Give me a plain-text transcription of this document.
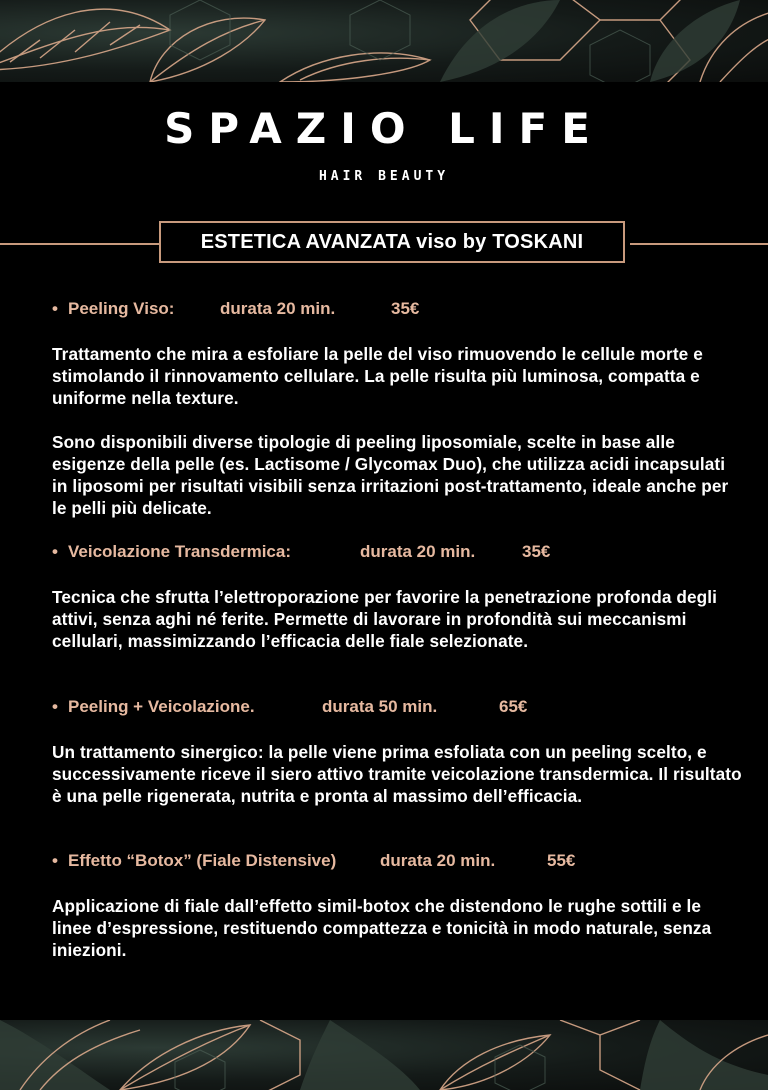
SPAZIO LIFE
HAIR BEAUTY
ESTETICA AVANZATA viso by TOSKANI
• Peeling Viso:	durata 20 min.	35€

Trattamento che mira a esfoliare la pelle del viso rimuovendo le cellule morte e stimolando il rinnovamento cellulare. La pelle risulta più luminosa, compatta e uniforme nella texture.

Sono disponibili diverse tipologie di peeling liposomiale, scelte in base alle esigenze della pelle (es. Lactisome / Glycomax Duo), che utilizza acidi incapsulati in liposomi per risultati visibili senza irritazioni post-trattamento, ideale anche per le pelli più delicate.

• Veicolazione Transdermica:	durata 20 min.	35€

Tecnica che sfrutta l’elettroporazione per favorire la penetrazione profonda degli attivi, senza aghi né ferite. Permette di lavorare in profondità sui meccanismi cellulari, massimizzando l’efficacia delle fiale selezionate.

• Peeling + Veicolazione.	durata 50 min.	65€

Un trattamento sinergico: la pelle viene prima esfoliata con un peeling scelto, e successivamente riceve il siero attivo tramite veicolazione transdermica. Il risultato è una pelle rigenerata, nutrita e pronta al massimo dell’efficacia.

• Effetto “Botox” (Fiale Distensive)	durata 20 min.	55€

Applicazione di fiale dall’effetto simil-botox che distendono le rughe sottili e le linee d’espressione, restituendo compattezza e tonicità in modo naturale, senza iniezioni.
